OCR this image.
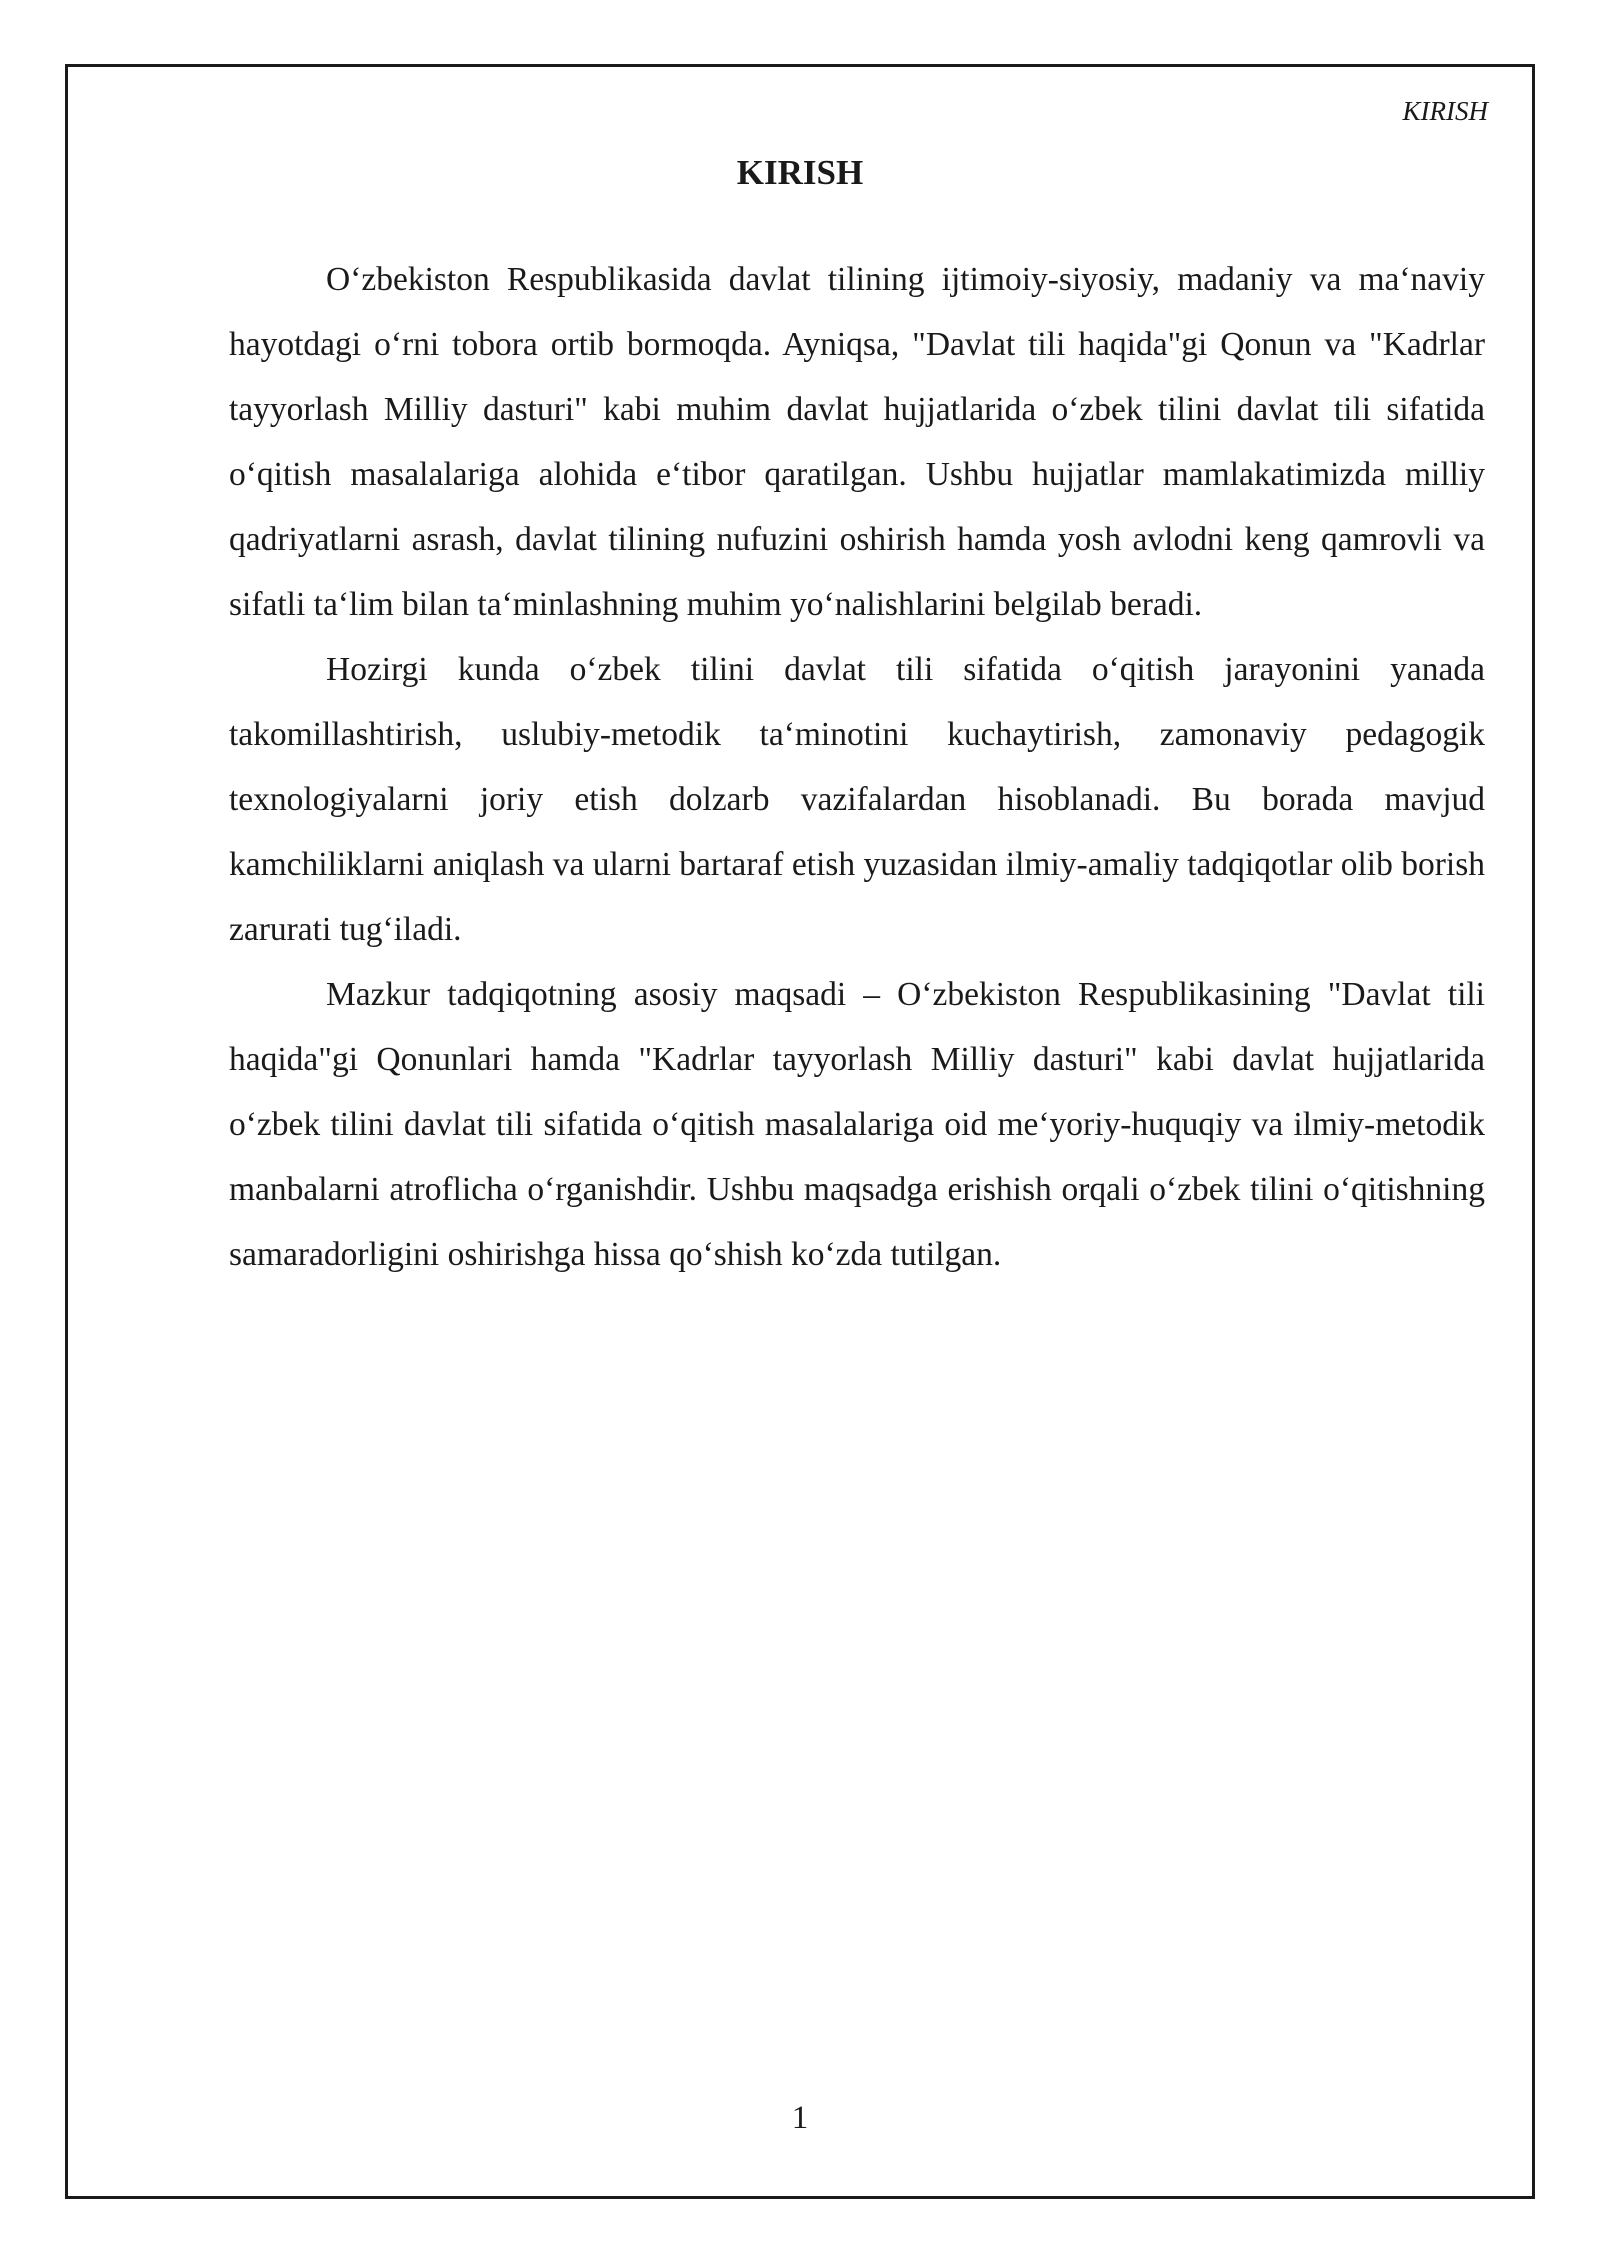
KIRISH
KIRISH

O‘zbekiston Respublikasida davlat tilining ijtimoiy-siyosiy, madaniy va ma‘naviy hayotdagi o‘rni tobora ortib bormoqda. Ayniqsa, "Davlat tili haqida"gi Qonun va "Kadrlar tayyorlash Milliy dasturi" kabi muhim davlat hujjatlarida o‘zbek tilini davlat tili sifatida o‘qitish masalalariga alohida e‘tibor qaratilgan. Ushbu hujjatlar mamlakatimizda milliy qadriyatlarni asrash, davlat tilining nufuzini oshirish hamda yosh avlodni keng qamrovli va sifatli ta‘lim bilan ta‘minlashning muhim yo‘nalishlarini belgilab beradi.

Hozirgi kunda o‘zbek tilini davlat tili sifatida o‘qitish jarayonini yanada takomillashtirish, uslubiy-metodik ta‘minotini kuchaytirish, zamonaviy pedagogik texnologiyalarni joriy etish dolzarb vazifalardan hisoblanadi. Bu borada mavjud kamchiliklarni aniqlash va ularni bartaraf etish yuzasidan ilmiy-amaliy tadqiqotlar olib borish zarurati tug‘iladi.

Mazkur tadqiqotning asosiy maqsadi – O‘zbekiston Respublikasining "Davlat tili haqida"gi Qonunlari hamda "Kadrlar tayyorlash Milliy dasturi" kabi davlat hujjatlarida o‘zbek tilini davlat tili sifatida o‘qitish masalalariga oid me‘yoriy-huquqiy va ilmiy-metodik manbalarni atroflicha o‘rganishdir. Ushbu maqsadga erishish orqali o‘zbek tilini o‘qitishning samaradorligini oshirishga hissa qo‘shish ko‘zda tutilgan.

1
